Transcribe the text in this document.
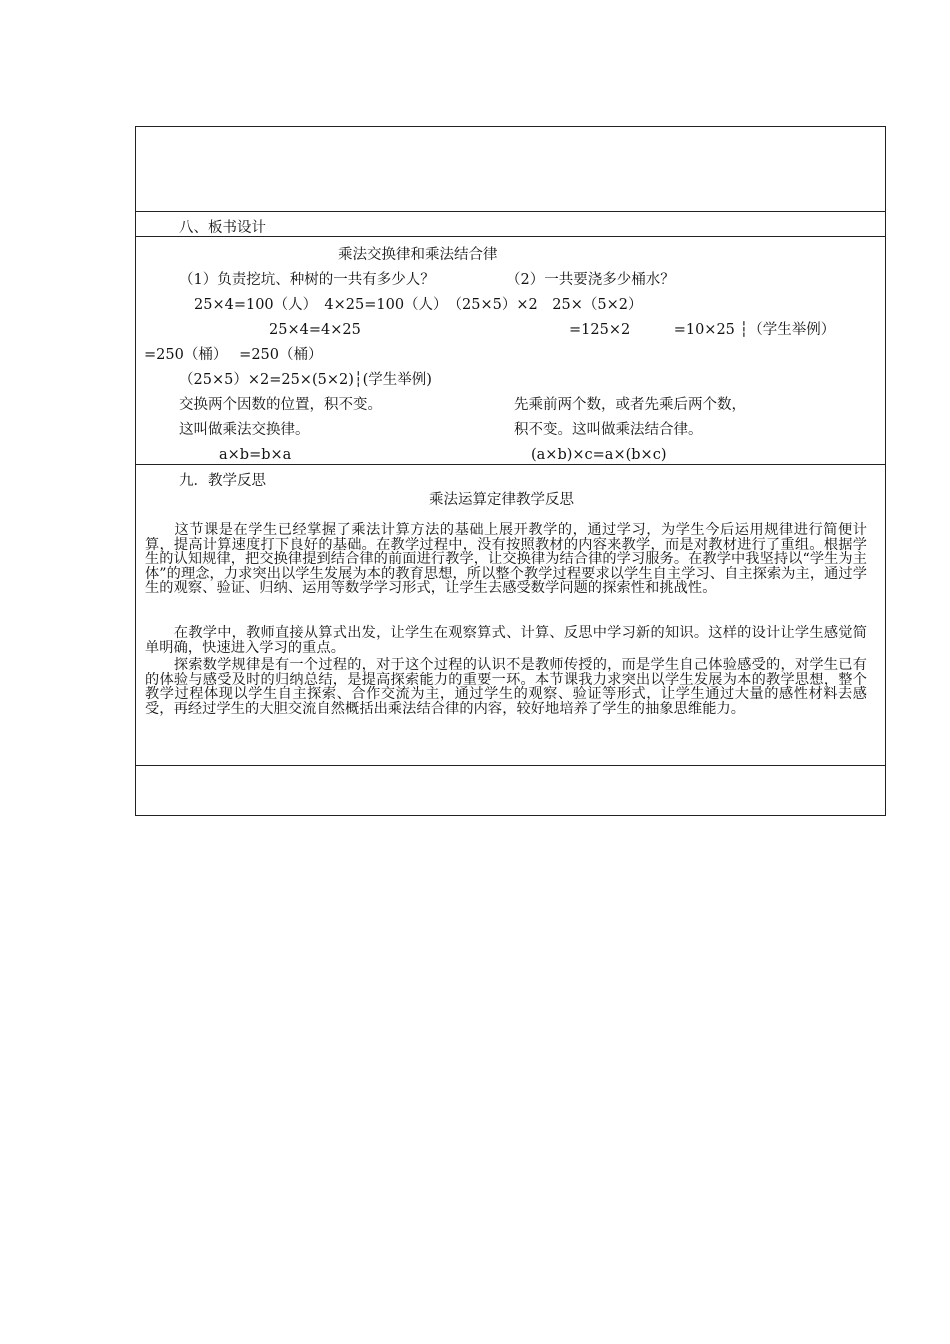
八、板书设计
乘法交换律和乘法结合律
（1）负责挖坑、种树的一共有多少人？	（2）一共要浇多少桶水？
25×4=100（人）　4×25=100（人）　（25×5）×2　25×（5×2）
25×4=4×25	=125×2　　　=10×25 ┆（学生举例）
=250（桶）　 =250（桶）
（25×5）×2=25×(5×2)┆(学生举例)
交换两个因数的位置，积不变。	先乘前两个数，或者先乘后两个数，
这叫做乘法交换律。	积不变。这叫做乘法结合律。
a×b=b×a	(a×b)×c=a×(b×c)
九．教学反思
乘法运算定律教学反思
　　这节课是在学生已经掌握了乘法计算方法的基础上展开教学的，通过学习，为学生今后运用规律进行简便计算，提高计算速度打下良好的基础。在教学过程中，没有按照教材的内容来教学，而是对教材进行了重组。根据学生的认知规律，把交换律提到结合律的前面进行教学，让交换律为结合律的学习服务。在教学中我坚持以“学生为主体”的理念，力求突出以学生发展为本的教育思想，所以整个教学过程要求以学生自主学习、自主探索为主，通过学生的观察、验证、归纳、运用等数学学习形式，让学生去感受数学问题的探索性和挑战性。
　　在教学中，教师直接从算式出发，让学生在观察算式、计算、反思中学习新的知识。这样的设计让学生感觉简单明确，快速进入学习的重点。
　　探索数学规律是有一个过程的，对于这个过程的认识不是教师传授的，而是学生自己体验感受的，对学生已有的体验与感受及时的归纳总结，是提高探索能力的重要一环。本节课我力求突出以学生发展为本的教学思想，整个教学过程体现以学生自主探索、合作交流为主，通过学生的观察、验证等形式，让学生通过大量的感性材料去感受，再经过学生的大胆交流自然概括出乘法结合律的内容，较好地培养了学生的抽象思维能力。
